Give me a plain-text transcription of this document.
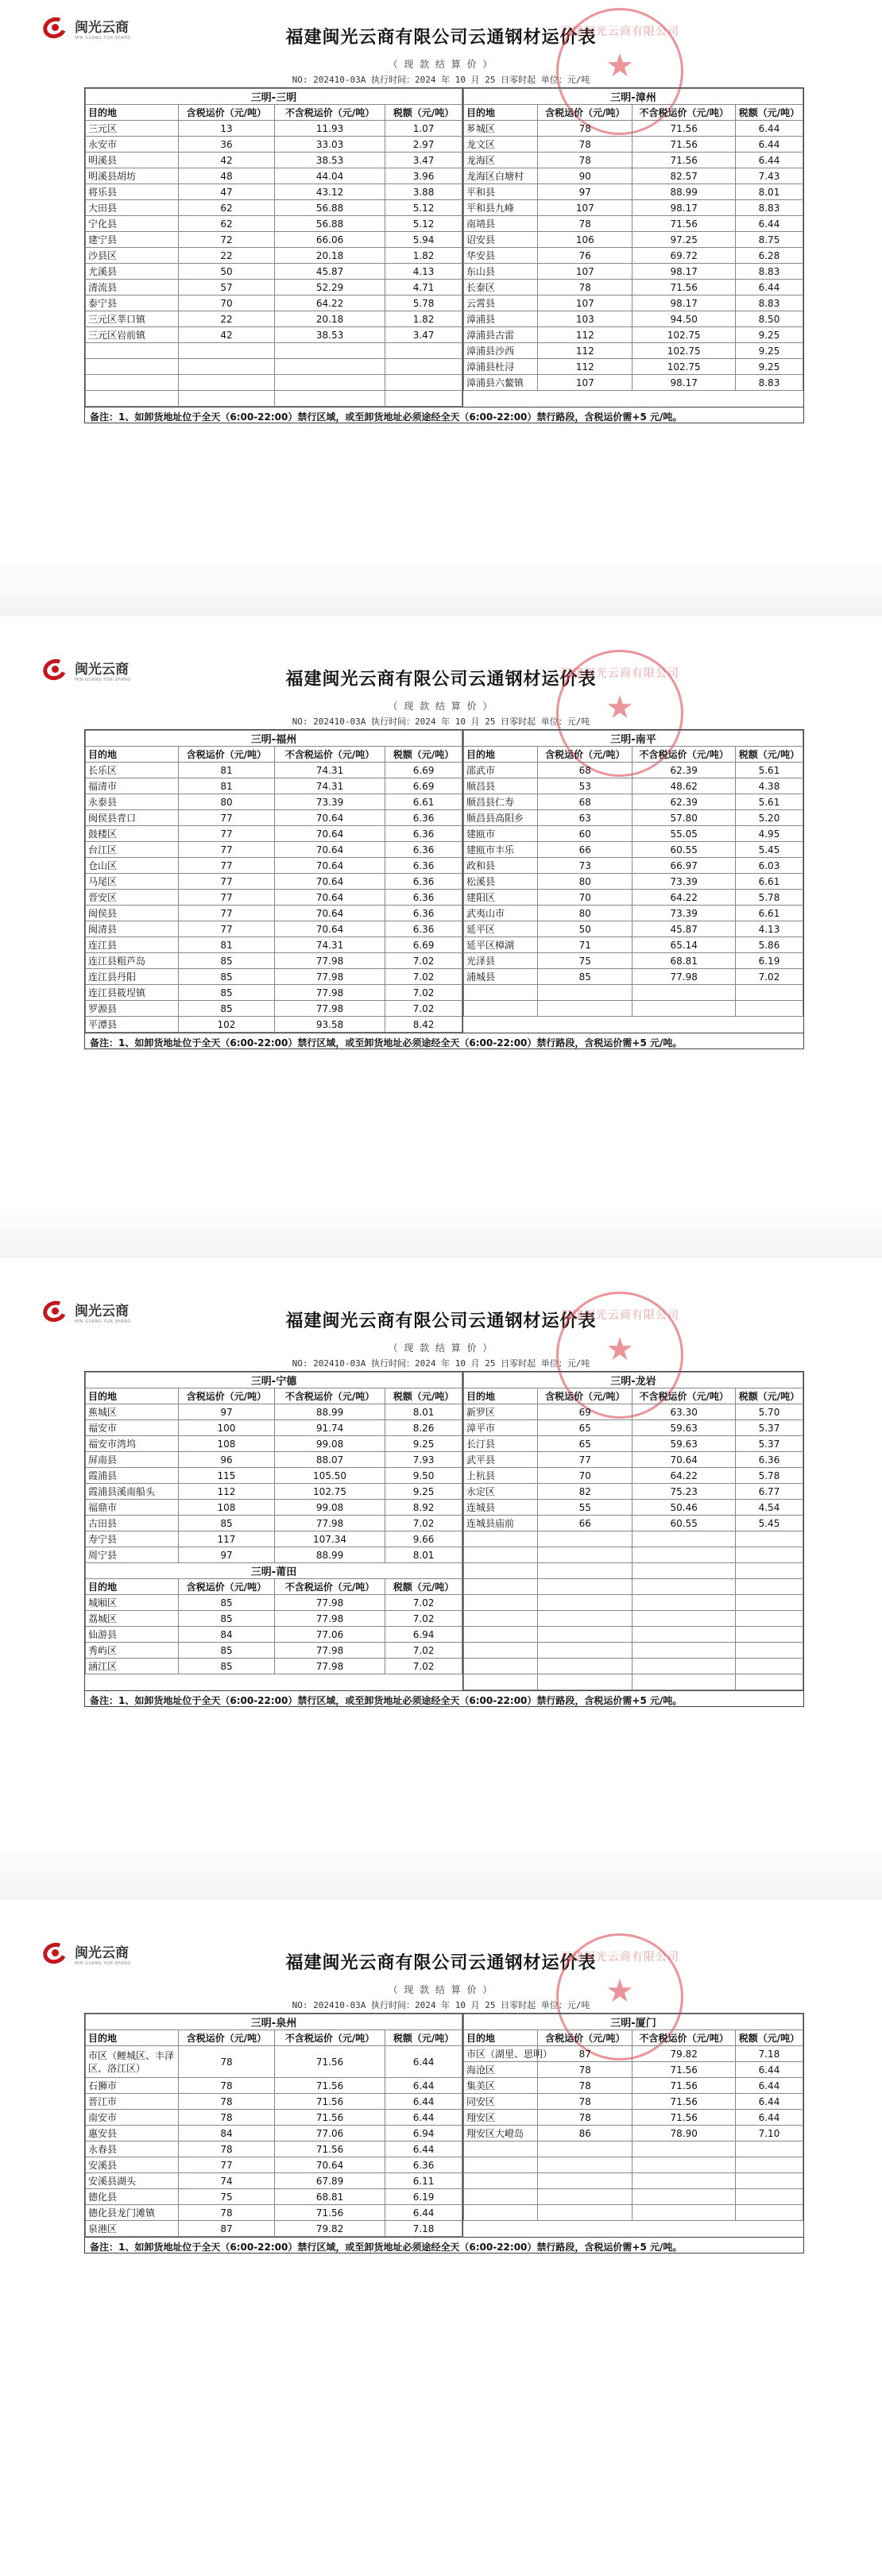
闽光云商
MIN GUANG YUN SHANG	福建闽光云商有限公司云通钢材运价表
福建闽光云商有限公司
★
（ 现 款 结 算 价 ）
NO: 202410-03A 执行时间：2024 年 10 月 25 日零时起 单位：元/吨
三明-三明			
目的地	含税运价（元/吨）	不含税运价（元/吨）	税额（元/吨）
三元区	13	11.93	1.07
永安市	36	33.03	2.97
明溪县	42	38.53	3.47
明溪县胡坊	48	44.04	3.96
将乐县	47	43.12	3.88
大田县	62	56.88	5.12
宁化县	62	56.88	5.12
建宁县	72	66.06	5.94
沙县区	22	20.18	1.82
尤溪县	50	45.87	4.13
清流县	57	52.29	4.71
泰宁县	70	64.22	5.78
三元区莘口镇	22	20.18	1.82
三元区岩前镇	42	38.53	3.47

三明-漳州			
目的地	含税运价（元/吨）	不含税运价（元/吨）	税额（元/吨）
芗城区	78	71.56	6.44
龙文区	78	71.56	6.44
龙海区	78	71.56	6.44
龙海区白塘村	90	82.57	7.43
平和县	97	88.99	8.01
平和县九峰	107	98.17	8.83
南靖县	78	71.56	6.44
诏安县	106	97.25	8.75
华安县	76	69.72	6.28
东山县	107	98.17	8.83
长泰区	78	71.56	6.44
云霄县	107	98.17	8.83
漳浦县	103	94.50	8.50
漳浦县古雷	112	102.75	9.25
漳浦县沙西	112	102.75	9.25
漳浦县杜浔	112	102.75	9.25
漳浦县六鳌镇	107	98.17	8.83
备注：1、如卸货地址位于全天（6:00-22:00）禁行区域，或至卸货地址必须途经全天（6:00-22:00）禁行路段，含税运价需+5 元/吨。
闽光云商
MIN GUANG YUN SHANG	福建闽光云商有限公司云通钢材运价表
福建闽光云商有限公司
★
（ 现 款 结 算 价 ）
NO: 202410-03A 执行时间：2024 年 10 月 25 日零时起 单位：元/吨
三明-福州			
目的地	含税运价（元/吨）	不含税运价（元/吨）	税额（元/吨）
长乐区	81	74.31	6.69
福清市	81	74.31	6.69
永泰县	80	73.39	6.61
闽侯县青口	77	70.64	6.36
鼓楼区	77	70.64	6.36
台江区	77	70.64	6.36
仓山区	77	70.64	6.36
马尾区	77	70.64	6.36
晋安区	77	70.64	6.36
闽侯县	77	70.64	6.36
闽清县	77	70.64	6.36
连江县	81	74.31	6.69
连江县粗芦岛	85	77.98	7.02
连江县丹阳	85	77.98	7.02
连江县筱埕镇	85	77.98	7.02
罗源县	85	77.98	7.02
平潭县	102	93.58	8.42
三明-南平			
目的地	含税运价（元/吨）	不含税运价（元/吨）	税额（元/吨）
邵武市	68	62.39	5.61
顺昌县	53	48.62	4.38
顺昌县仁寿	68	62.39	5.61
顺昌县高阳乡	63	57.80	5.20
建瓯市	60	55.05	4.95
建瓯市丰乐	66	60.55	5.45
政和县	73	66.97	6.03
松溪县	80	73.39	6.61
建阳区	70	64.22	5.78
武夷山市	80	73.39	6.61
延平区	50	45.87	4.13
延平区樟湖	71	65.14	5.86
光泽县	75	68.81	6.19
浦城县	85	77.98	7.02

备注：1、如卸货地址位于全天（6:00-22:00）禁行区域，或至卸货地址必须途经全天（6:00-22:00）禁行路段，含税运价需+5 元/吨。
闽光云商
MIN GUANG YUN SHANG	福建闽光云商有限公司云通钢材运价表
福建闽光云商有限公司
★
（ 现 款 结 算 价 ）
NO: 202410-03A 执行时间：2024 年 10 月 25 日零时起 单位：元/吨
三明-宁德			
目的地	含税运价（元/吨）	不含税运价（元/吨）	税额（元/吨）
蕉城区	97	88.99	8.01
福安市	100	91.74	8.26
福安市湾坞	108	99.08	9.25
屏南县	96	88.07	7.93
霞浦县	115	105.50	9.50
霞浦县溪南船头	112	102.75	9.25
福鼎市	108	99.08	8.92
古田县	85	77.98	7.02
寿宁县	117	107.34	9.66
周宁县	97	88.99	8.01
三明-莆田			
目的地	含税运价（元/吨）	不含税运价（元/吨）	税额（元/吨）
城厢区	85	77.98	7.02
荔城区	85	77.98	7.02
仙游县	84	77.06	6.94
秀屿区	85	77.98	7.02
涵江区	85	77.98	7.02
三明-龙岩			
目的地	含税运价（元/吨）	不含税运价（元/吨）	税额（元/吨）
新罗区	69	63.30	5.70
漳平市	65	59.63	5.37
长汀县	65	59.63	5.37
武平县	77	70.64	6.36
上杭县	70	64.22	5.78
永定区	82	75.23	6.77
连城县	55	50.46	4.54
连城县庙前	66	60.55	5.45

备注：1、如卸货地址位于全天（6:00-22:00）禁行区域，或至卸货地址必须途经全天（6:00-22:00）禁行路段，含税运价需+5 元/吨。
闽光云商
MIN GUANG YUN SHANG	福建闽光云商有限公司云通钢材运价表
福建闽光云商有限公司
★
（ 现 款 结 算 价 ）
NO: 202410-03A 执行时间：2024 年 10 月 25 日零时起 单位：元/吨
三明-泉州			
目的地	含税运价（元/吨）	不含税运价（元/吨）	税额（元/吨）
市区（鲤城区、丰泽区、洛江区）	78	71.56	6.44
石狮市	78	71.56	6.44
晋江市	78	71.56	6.44
南安市	78	71.56	6.44
惠安县	84	77.06	6.94
永春县	78	71.56	6.44
安溪县	77	70.64	6.36
安溪县湖头	74	67.89	6.11
德化县	75	68.81	6.19
德化县龙门滩镇	78	71.56	6.44
泉港区	87	79.82	7.18
三明-厦门			
目的地	含税运价（元/吨）	不含税运价（元/吨）	税额（元/吨）
市区（湖里、思明）	87	79.82	7.18
海沧区	78	71.56	6.44
集美区	78	71.56	6.44
同安区	78	71.56	6.44
翔安区	78	71.56	6.44
翔安区大嶝岛	86	78.90	7.10

备注：1、如卸货地址位于全天（6:00-22:00）禁行区域，或至卸货地址必须途经全天（6:00-22:00）禁行路段，含税运价需+5 元/吨。
